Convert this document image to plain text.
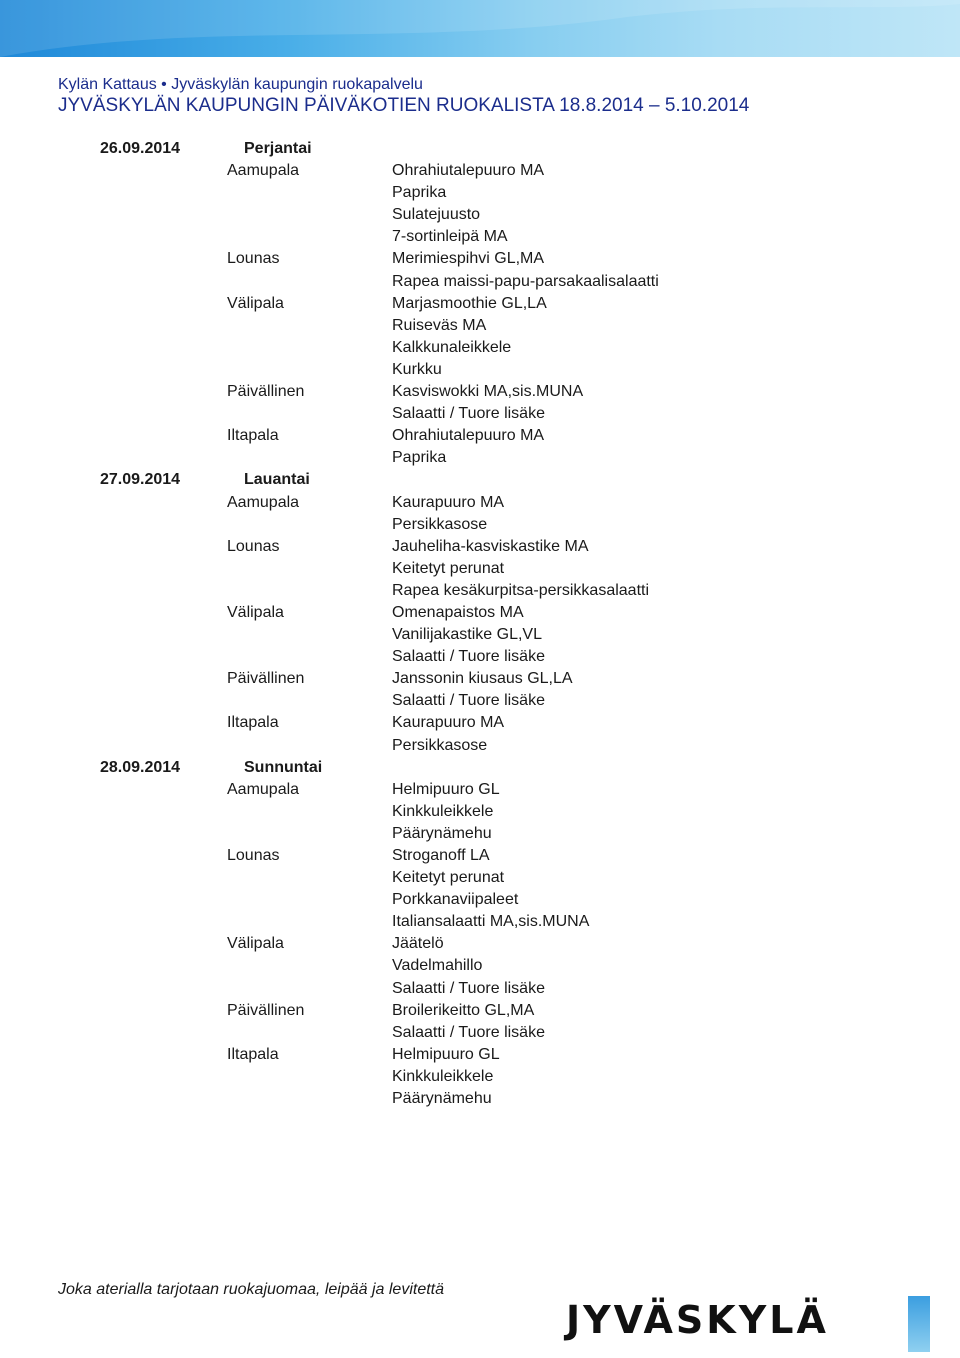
Kylän Kattaus • Jyväskylän kaupungin ruokapalvelu
JYVÄSKYLÄN KAUPUNGIN PÄIVÄKOTIEN RUOKALISTA 18.8.2014 – 5.10.2014
26.09.2014	Perjantai
Aamupala	Ohrahiutalepuuro MA
Paprika
Sulatejuusto
7-sortinleipä MA
Lounas	Merimiespihvi GL,MA
Rapea maissi-papu-parsakaalisalaatti
Välipala	Marjasmoothie GL,LA
Ruiseväs MA
Kalkkunaleikkele
Kurkku
Päivällinen	Kasviswokki MA,sis.MUNA
Salaatti / Tuore lisäke
Iltapala	Ohrahiutalepuuro MA
Paprika
27.09.2014	Lauantai
Aamupala	Kaurapuuro MA
Persikkasose
Lounas	Jauheliha-kasviskastike MA
Keitetyt perunat
Rapea kesäkurpitsa-persikkasalaatti
Välipala	Omenapaistos MA
Vanilijakastike GL,VL
Salaatti / Tuore lisäke
Päivällinen	Janssonin kiusaus GL,LA
Salaatti / Tuore lisäke
Iltapala	Kaurapuuro MA
Persikkasose
28.09.2014	Sunnuntai
Aamupala	Helmipuuro GL
Kinkkuleikkele
Päärynämehu
Lounas	Stroganoff LA
Keitetyt perunat
Porkkanaviipaleet
Italiansalaatti MA,sis.MUNA
Välipala	Jäätelö
Vadelmahillo
Salaatti / Tuore lisäke
Päivällinen	Broilerikeitto GL,MA
Salaatti / Tuore lisäke
Iltapala	Helmipuuro GL
Kinkkuleikkele
Päärynämehu
Joka aterialla tarjotaan ruokajuomaa, leipää ja levitettä
JYVÄSKYLÄ
